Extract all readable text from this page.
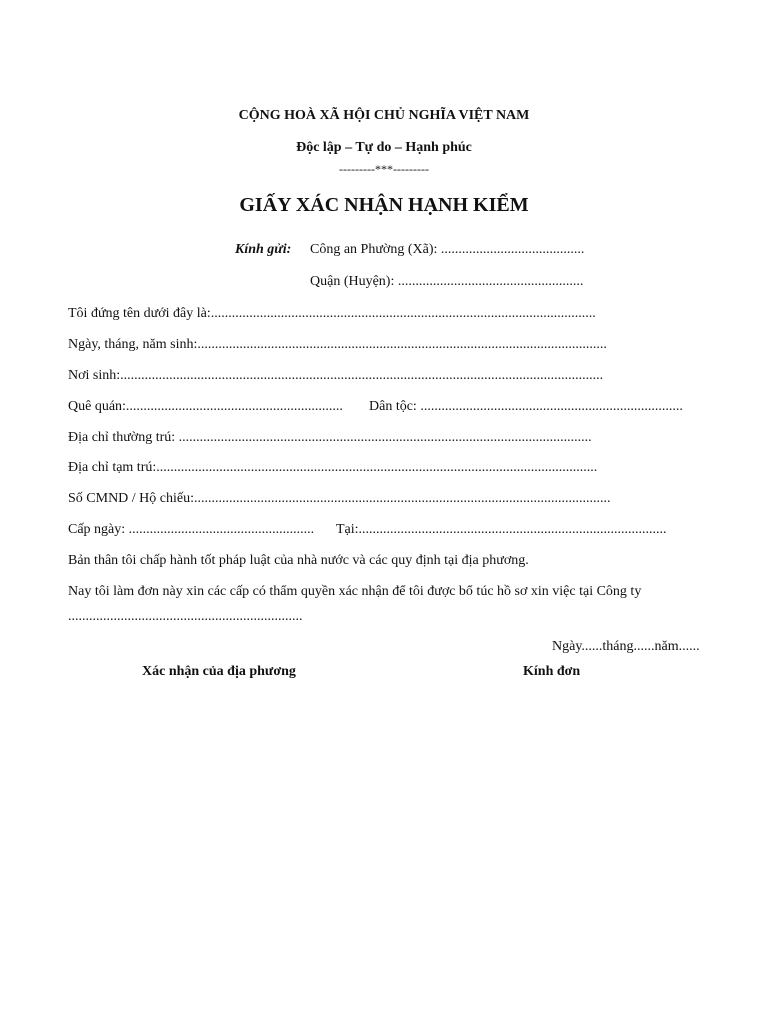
CỘNG HOÀ XÃ HỘI CHỦ NGHĨA VIỆT NAM
Độc lập – Tự do – Hạnh phúc
---------***---------
GIẤY XÁC NHẬN HẠNH KIỂM
Kính gửi: Công an Phường (Xã): .........................................
Quận (Huyện): .....................................................
Tôi đứng tên dưới đây là:..............................................................................................................
Ngày, tháng, năm sinh:.....................................................................................................................
Nơi sinh:..........................................................................................................................................
Quê quán:.............................................................. Dân tộc: ...........................................................................
Địa chỉ thường trú: ......................................................................................................................
Địa chỉ tạm trú:..............................................................................................................................
Số CMND / Hộ chiếu:.......................................................................................................................
Cấp ngày: ..................................................... Tại:........................................................................................
Bản thân tôi chấp hành tốt pháp luật của nhà nước và các quy định tại địa phương.
Nay tôi làm đơn này xin các cấp có thẩm quyền xác nhận để tôi được bổ túc hồ sơ xin việc tại Công ty
...................................................................
Ngày......tháng......năm......
Xác nhận của địa phương	Kính đơn
